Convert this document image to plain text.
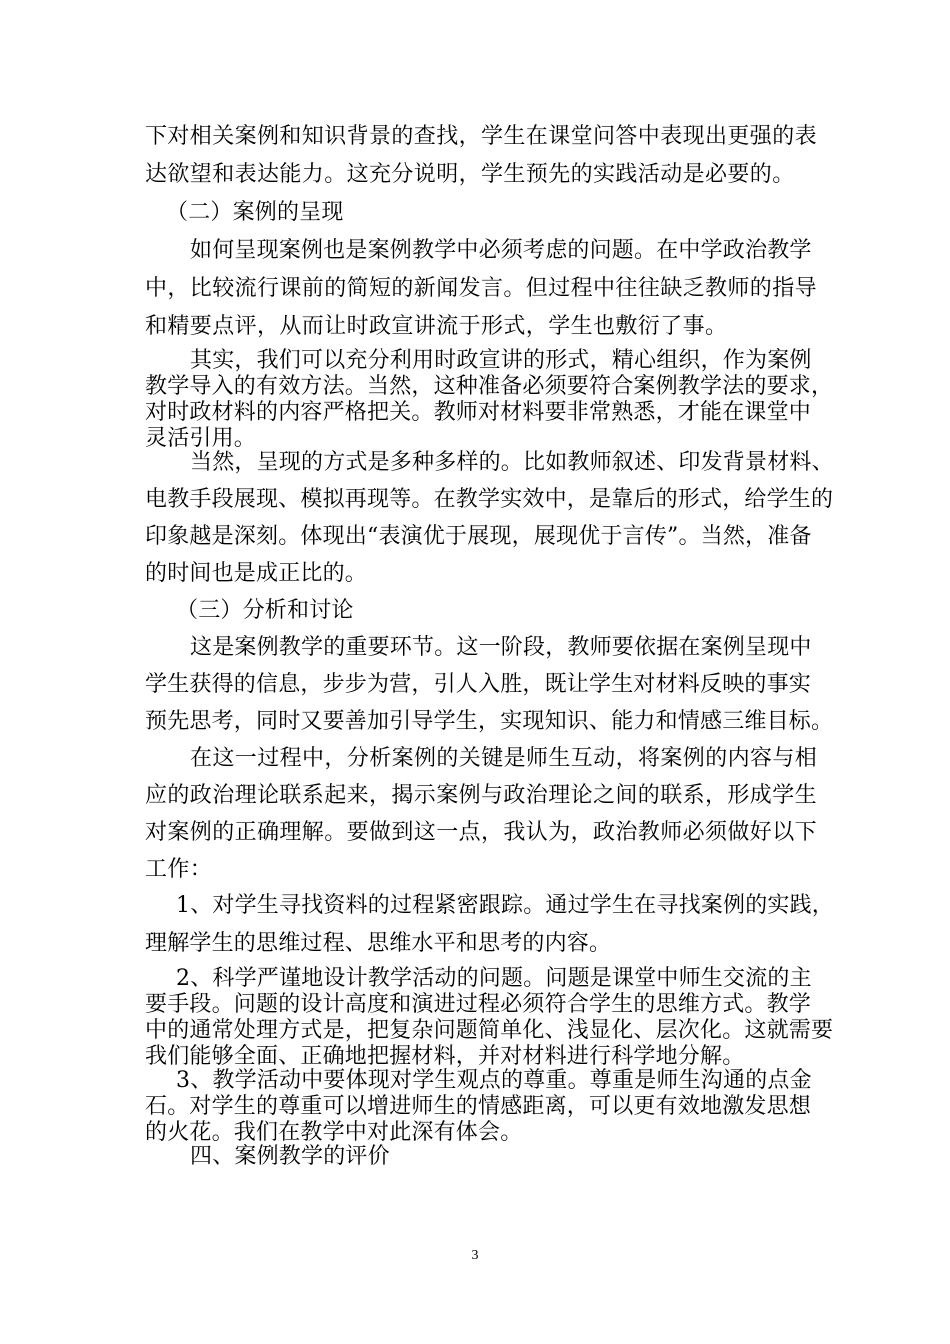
下对相关案例和知识背景的查找，学生在课堂问答中表现出更强的表
达欲望和表达能力。这充分说明，学生预先的实践活动是必要的。
（二）案例的呈现
如何呈现案例也是案例教学中必须考虑的问题。在中学政治教学
中，比较流行课前的简短的新闻发言。但过程中往往缺乏教师的指导
和精要点评，从而让时政宣讲流于形式，学生也敷衍了事。
其实，我们可以充分利用时政宣讲的形式，精心组织，作为案例
教学导入的有效方法。当然，这种准备必须要符合案例教学法的要求，
对时政材料的内容严格把关。教师对材料要非常熟悉，才能在课堂中
灵活引用。
当然，呈现的方式是多种多样的。比如教师叙述、印发背景材料、
电教手段展现、模拟再现等。在教学实效中，是靠后的形式，给学生的
印象越是深刻。体现出“表演优于展现，展现优于言传”。当然，准备
的时间也是成正比的。
（三）分析和讨论
这是案例教学的重要环节。这一阶段，教师要依据在案例呈现中
学生获得的信息，步步为营，引人入胜，既让学生对材料反映的事实
预先思考，同时又要善加引导学生，实现知识、能力和情感三维目标。
在这一过程中，分析案例的关键是师生互动，将案例的内容与相
应的政治理论联系起来，揭示案例与政治理论之间的联系，形成学生
对案例的正确理解。要做到这一点，我认为，政治教师必须做好以下
工作：
1、对学生寻找资料的过程紧密跟踪。通过学生在寻找案例的实践，
理解学生的思维过程、思维水平和思考的内容。
2、科学严谨地设计教学活动的问题。问题是课堂中师生交流的主
要手段。问题的设计高度和演进过程必须符合学生的思维方式。教学
中的通常处理方式是，把复杂问题简单化、浅显化、层次化。这就需要
我们能够全面、正确地把握材料，并对材料进行科学地分解。
3、教学活动中要体现对学生观点的尊重。尊重是师生沟通的点金
石。对学生的尊重可以增进师生的情感距离，可以更有效地激发思想
的火花。我们在教学中对此深有体会。
四、案例教学的评价
3
